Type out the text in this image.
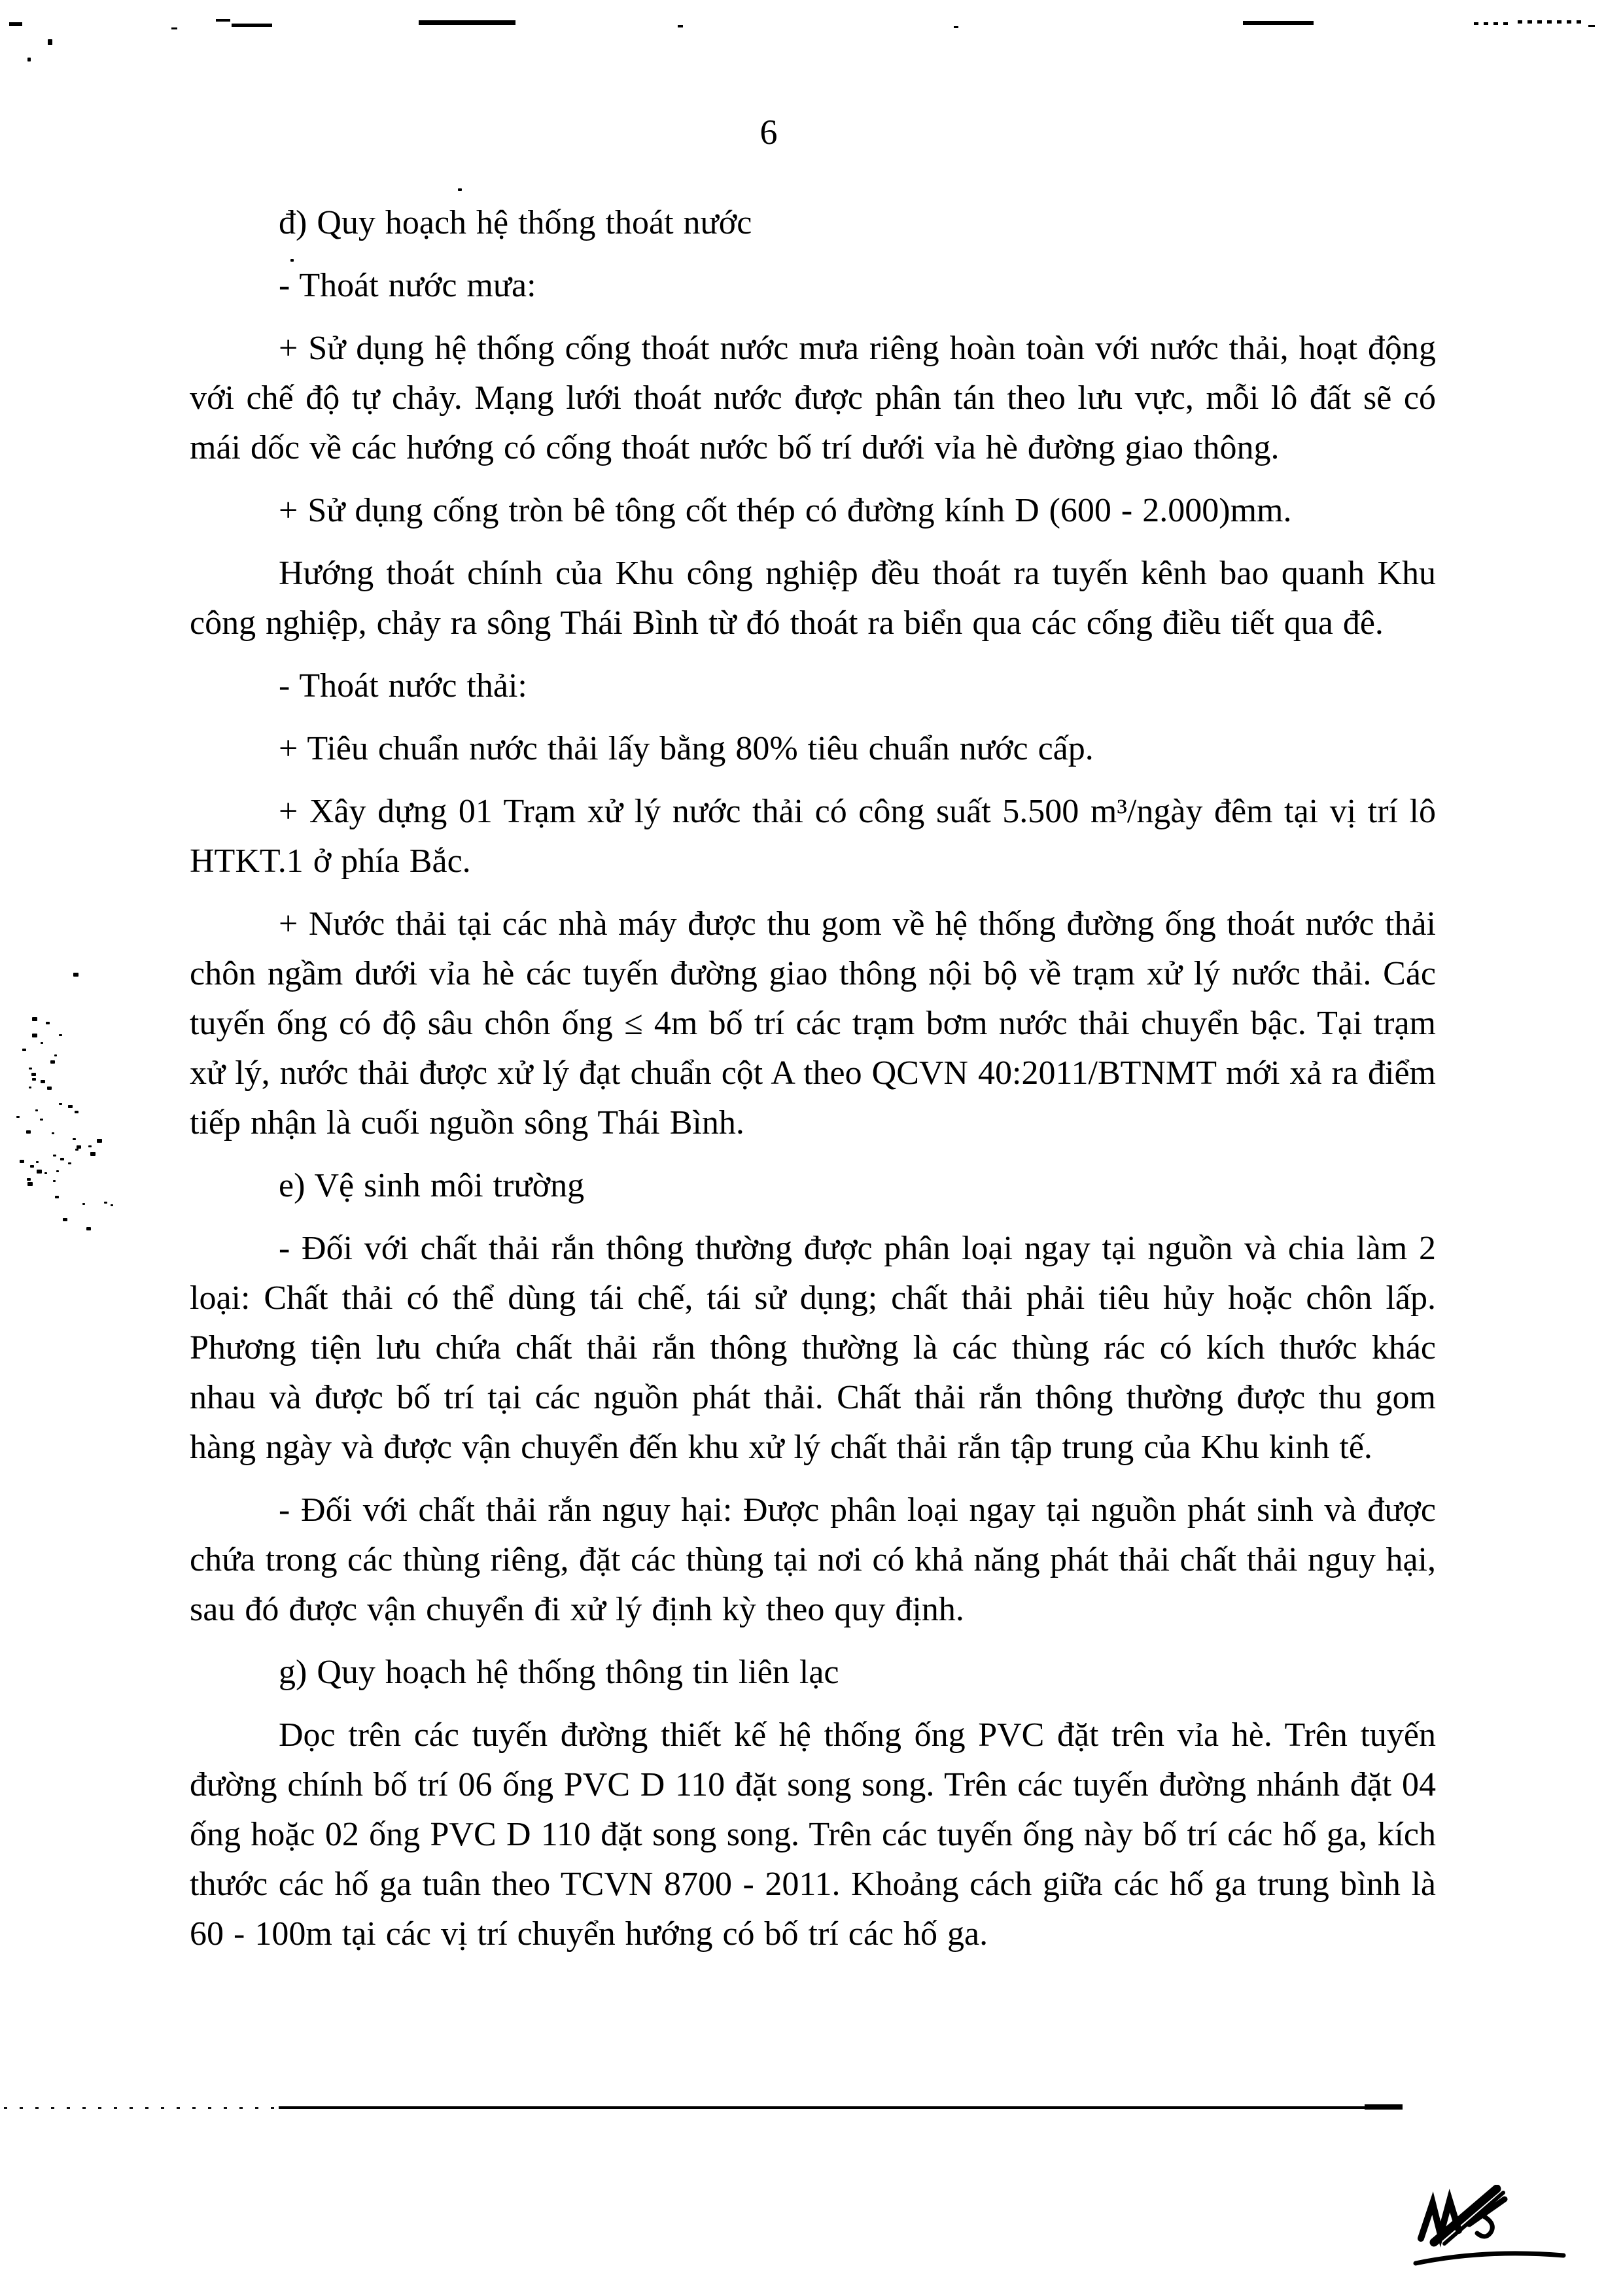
6

đ) Quy hoạch hệ thống thoát nước

- Thoát nước mưa:

+ Sử dụng hệ thống cống thoát nước mưa riêng hoàn toàn với nước thải, hoạt động với chế độ tự chảy. Mạng lưới thoát nước được phân tán theo lưu vực, mỗi lô đất sẽ có mái dốc về các hướng có cống thoát nước bố trí dưới vỉa hè đường giao thông.

+ Sử dụng cống tròn bê tông cốt thép có đường kính D (600 - 2.000)mm.

Hướng thoát chính của Khu công nghiệp đều thoát ra tuyến kênh bao quanh Khu công nghiệp, chảy ra sông Thái Bình từ đó thoát ra biển qua các cống điều tiết qua đê.

- Thoát nước thải:

+ Tiêu chuẩn nước thải lấy bằng 80% tiêu chuẩn nước cấp.

+ Xây dựng 01 Trạm xử lý nước thải có công suất 5.500 m³/ngày đêm tại vị trí lô HTKT.1 ở phía Bắc.

+ Nước thải tại các nhà máy được thu gom về hệ thống đường ống thoát nước thải chôn ngầm dưới vỉa hè các tuyến đường giao thông nội bộ về trạm xử lý nước thải. Các tuyến ống có độ sâu chôn ống ≤ 4m bố trí các trạm bơm nước thải chuyển bậc. Tại trạm xử lý, nước thải được xử lý đạt chuẩn cột A theo QCVN 40:2011/BTNMT mới xả ra điểm tiếp nhận là cuối nguồn sông Thái Bình.

e) Vệ sinh môi trường

- Đối với chất thải rắn thông thường được phân loại ngay tại nguồn và chia làm 2 loại: Chất thải có thể dùng tái chế, tái sử dụng; chất thải phải tiêu hủy hoặc chôn lấp. Phương tiện lưu chứa chất thải rắn thông thường là các thùng rác có kích thước khác nhau và được bố trí tại các nguồn phát thải. Chất thải rắn thông thường được thu gom hàng ngày và được vận chuyển đến khu xử lý chất thải rắn tập trung của Khu kinh tế.

- Đối với chất thải rắn nguy hại: Được phân loại ngay tại nguồn phát sinh và được chứa trong các thùng riêng, đặt các thùng tại nơi có khả năng phát thải chất thải nguy hại, sau đó được vận chuyển đi xử lý định kỳ theo quy định.

g) Quy hoạch hệ thống thông tin liên lạc

Dọc trên các tuyến đường thiết kế hệ thống ống PVC đặt trên vỉa hè. Trên tuyến đường chính bố trí 06 ống PVC D 110 đặt song song. Trên các tuyến đường nhánh đặt 04 ống hoặc 02 ống PVC D 110 đặt song song. Trên các tuyến ống này bố trí các hố ga, kích thước các hố ga tuân theo TCVN 8700 - 2011. Khoảng cách giữa các hố ga trung bình là 60 - 100m tại các vị trí chuyển hướng có bố trí các hố ga.
